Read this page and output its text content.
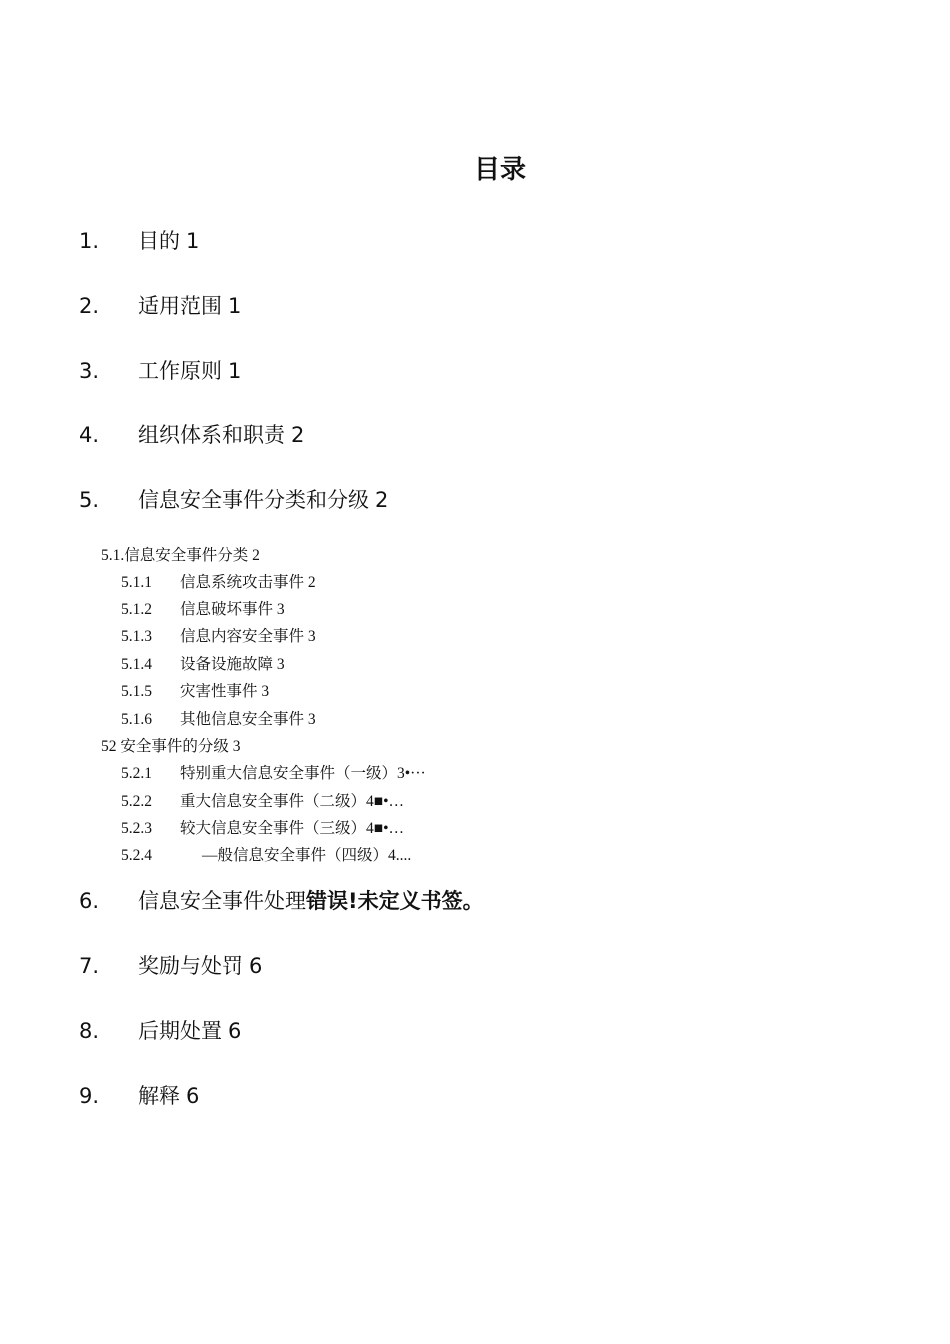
目录
1. 目的 1
2. 适用范围 1
3. 工作原则 1
4. 组织体系和职责 2
5. 信息安全事件分类和分级 2
5.1.信息安全事件分类 2
5.1.1 信息系统攻击事件 2
5.1.2 信息破坏事件 3
5.1.3 信息内容安全事件 3
5.1.4 设备设施故障 3
5.1.5 灾害性事件 3
5.1.6 其他信息安全事件 3
52 安全事件的分级 3
5.2.1 特别重大信息安全事件（一级）3•···
5.2.2 重大信息安全事件（二级）4■•…
5.2.3 较大信息安全事件（三级）4■•…
5.2.4	—般信息安全事件（四级）4....
6. 信息安全事件处理错误!未定义书签。
7. 奖励与处罚 6
8. 后期处置 6
9. 解释 6
